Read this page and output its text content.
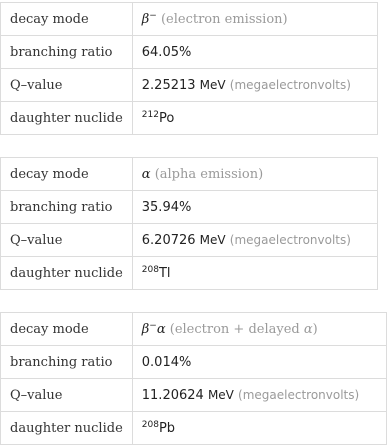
decay mode	β− (electron emission)
branching ratio	64.05%
Q–value	2.25213 MeV (megaelectronvolts)
daughter nuclide	$^{212}$Po
decay mode	α (alpha emission)
branching ratio	35.94%
Q–value	6.20726 MeV (megaelectronvolts)
daughter nuclide	$^{208}$Tl
decay mode	β−α (electron + delayed α)
branching ratio	0.014%
Q–value	11.20624 MeV (megaelectronvolts)
daughter nuclide	$^{208}$Pb
